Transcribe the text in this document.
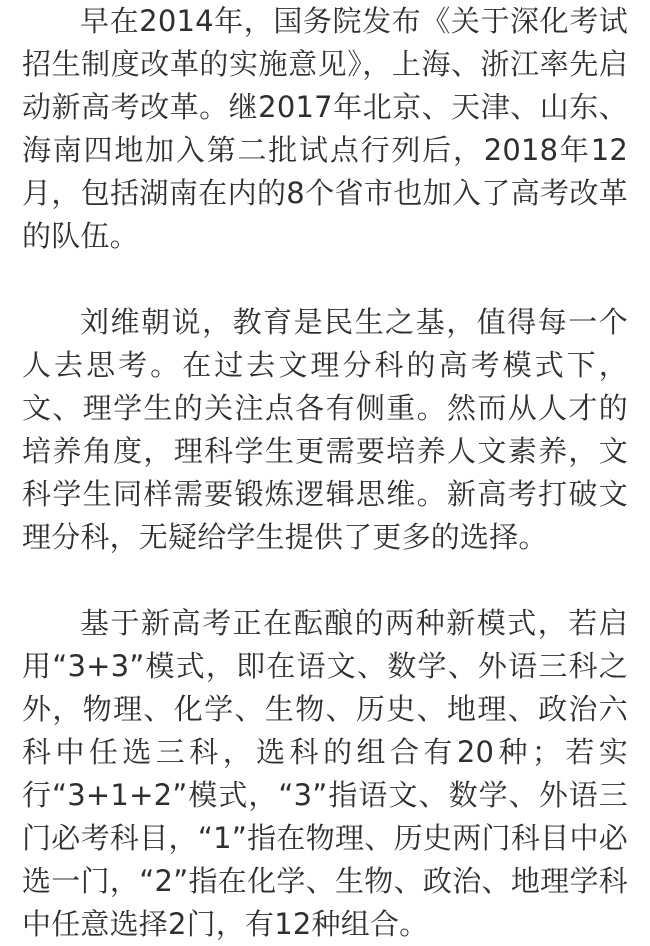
早在2014年，国务院发布《关于深化考试招生制度改革的实施意见》，上海、浙江率先启动新高考改革。继2017年北京、天津、山东、海南四地加入第二批试点行列后，2018年12月，包括湖南在内的8个省市也加入了高考改革的队伍。

刘维朝说，教育是民生之基，值得每一个人去思考。在过去文理分科的高考模式下，文、理学生的关注点各有侧重。然而从人才的培养角度，理科学生更需要培养人文素养，文科学生同样需要锻炼逻辑思维。新高考打破文理分科，无疑给学生提供了更多的选择。

基于新高考正在酝酿的两种新模式，若启用“3+3”模式，即在语文、数学、外语三科之外，物理、化学、生物、历史、地理、政治六科中任选三科，选科的组合有20种；若实行“3+1+2”模式，“3”指语文、数学、外语三门必考科目，“1”指在物理、历史两门科目中必选一门，“2”指在化学、生物、政治、地理学科中任意选择2门，有12种组合。
